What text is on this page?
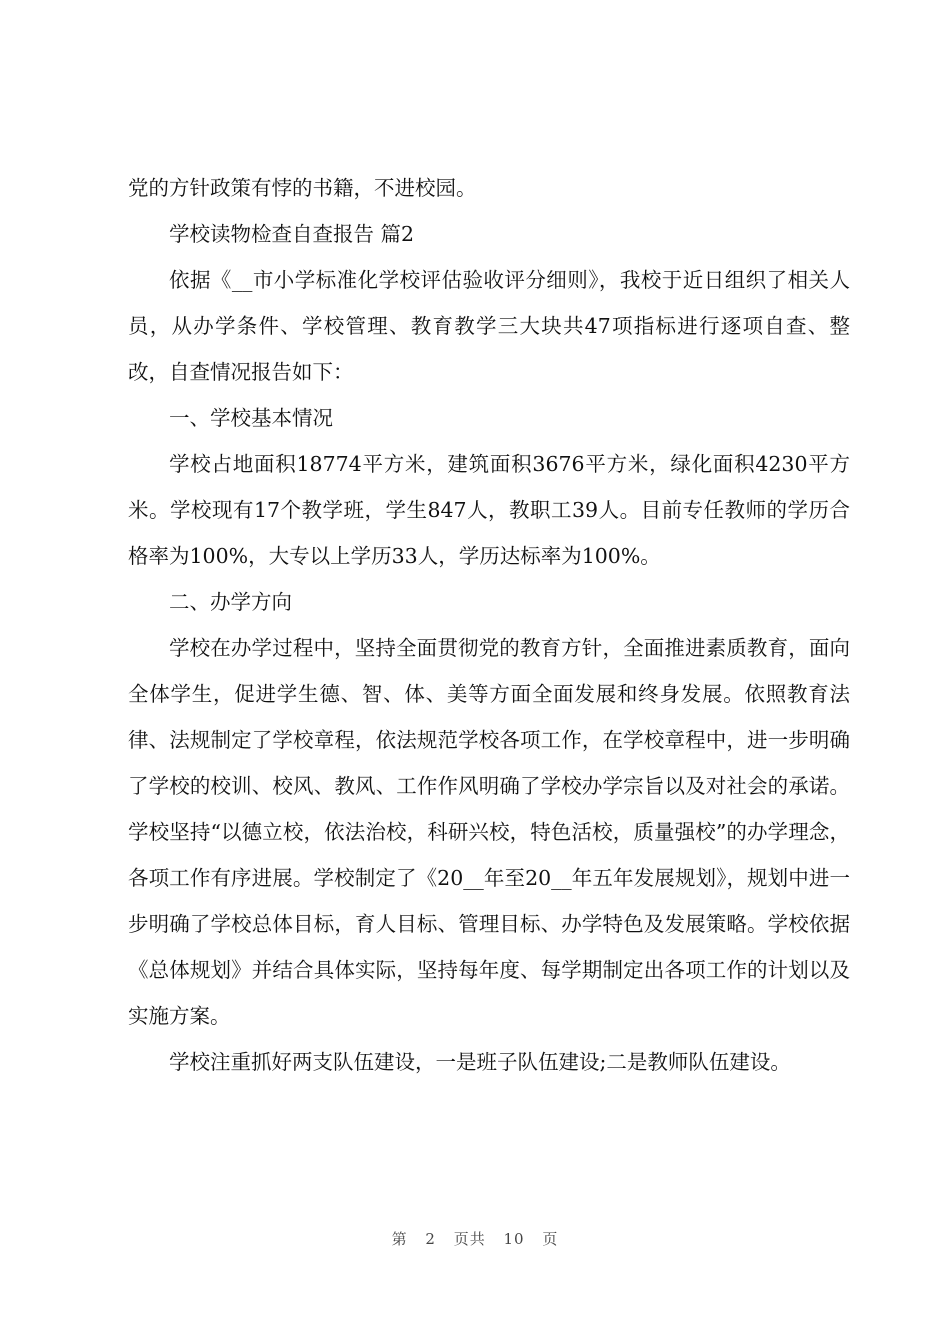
党的方针政策有悖的书籍，不进校园。

学校读物检查自查报告 篇2

依据《__市小学标准化学校评估验收评分细则》，我校于近日组织了相关人员，从办学条件、学校管理、教育教学三大块共47项指标进行逐项自查、整改，自查情况报告如下：

一、学校基本情况

学校占地面积18774平方米，建筑面积3676平方米，绿化面积4230平方米。学校现有17个教学班，学生847人，教职工39人。目前专任教师的学历合格率为100%，大专以上学历33人，学历达标率为100%。

二、办学方向

学校在办学过程中，坚持全面贯彻党的教育方针，全面推进素质教育，面向全体学生，促进学生德、智、体、美等方面全面发展和终身发展。依照教育法律、法规制定了学校章程，依法规范学校各项工作，在学校章程中，进一步明确了学校的校训、校风、教风、工作作风明确了学校办学宗旨以及对社会的承诺。学校坚持“以德立校，依法治校，科研兴校，特色活校，质量强校”的办学理念，各项工作有序进展。学校制定了《20__年至20__年五年发展规划》，规划中进一步明确了学校总体目标，育人目标、管理目标、办学特色及发展策略。学校依据《总体规划》并结合具体实际，坚持每年度、每学期制定出各项工作的计划以及实施方案。

学校注重抓好两支队伍建设，一是班子队伍建设;二是教师队伍建设。

第 2 页共 10 页
